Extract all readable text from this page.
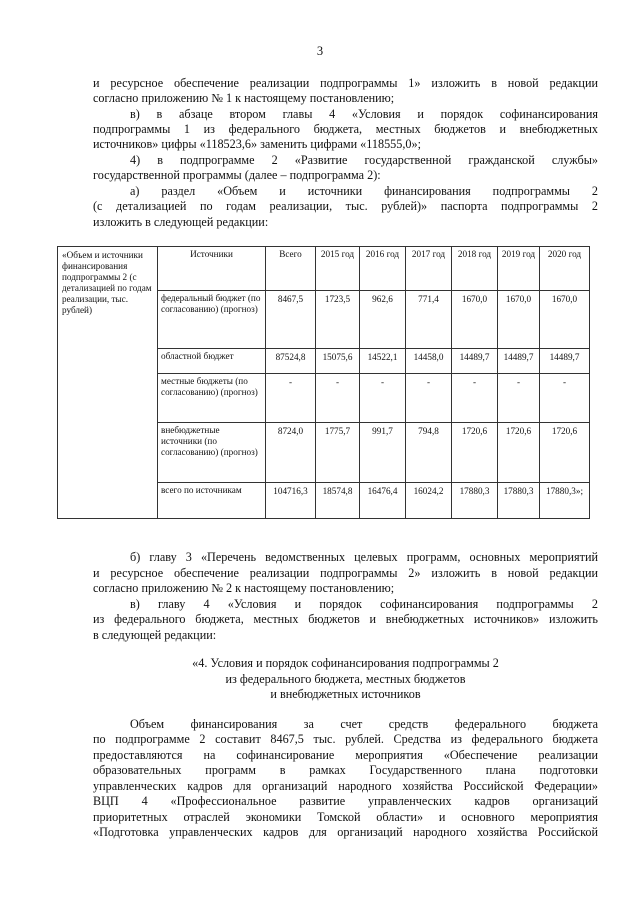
3
и ресурсное обеспечение реализации подпрограммы 1» изложить в новой редакции
согласно приложению № 1 к настоящему постановлению;
в) в абзаце втором главы 4 «Условия и порядок софинансирования
подпрограммы 1 из федерального бюджета, местных бюджетов и внебюджетных
источников» цифры «118523,6» заменить цифрами «118555,0»;
4) в подпрограмме 2 «Развитие государственной гражданской службы»
государственной программы (далее – подпрограмма 2):
а) раздел «Объем и источники финансирования подпрограммы 2
(с детализацией по годам реализации, тыс. рублей)» паспорта подпрограммы 2
изложить в следующей редакции:
«Объем и источники финансирования подпрограммы 2 (с детализацией по годам реализации, тыс. рублей)	Источники	Всего	2015 год	2016 год	2017 год	2018 год	2019 год	2020 год
	федеральный бюджет (по согласованию) (прогноз)	8467,5	1723,5	962,6	771,4	1670,0	1670,0	1670,0
	областной бюджет	87524,8	15075,6	14522,1	14458,0	14489,7	14489,7	14489,7
	местные бюджеты (по согласованию) (прогноз)	-	-	-	-	-	-	-
	внебюджетные источники (по согласованию) (прогноз)	8724,0	1775,7	991,7	794,8	1720,6	1720,6	1720,6
	всего по источникам	104716,3	18574,8	16476,4	16024,2	17880,3	17880,3	17880,3»;
б) главу 3 «Перечень ведомственных целевых программ, основных мероприятий
и ресурсное обеспечение реализации подпрограммы 2» изложить в новой редакции
согласно приложению № 2 к настоящему постановлению;
в) главу 4 «Условия и порядок софинансирования подпрограммы 2
из федерального бюджета, местных бюджетов и внебюджетных источников» изложить
в следующей редакции:
«4. Условия и порядок софинансирования подпрограммы 2
из федерального бюджета, местных бюджетов
и внебюджетных источников
Объем финансирования за счет средств федерального бюджета
по подпрограмме 2 составит 8467,5 тыс. рублей. Средства из федерального бюджета
предоставляются на софинансирование мероприятия «Обеспечение реализации
образовательных программ в рамках Государственного плана подготовки
управленческих кадров для организаций народного хозяйства Российской Федерации»
ВЦП 4 «Профессиональное развитие управленческих кадров организаций
приоритетных отраслей экономики Томской области» и основного мероприятия
«Подготовка управленческих кадров для организаций народного хозяйства Российской
